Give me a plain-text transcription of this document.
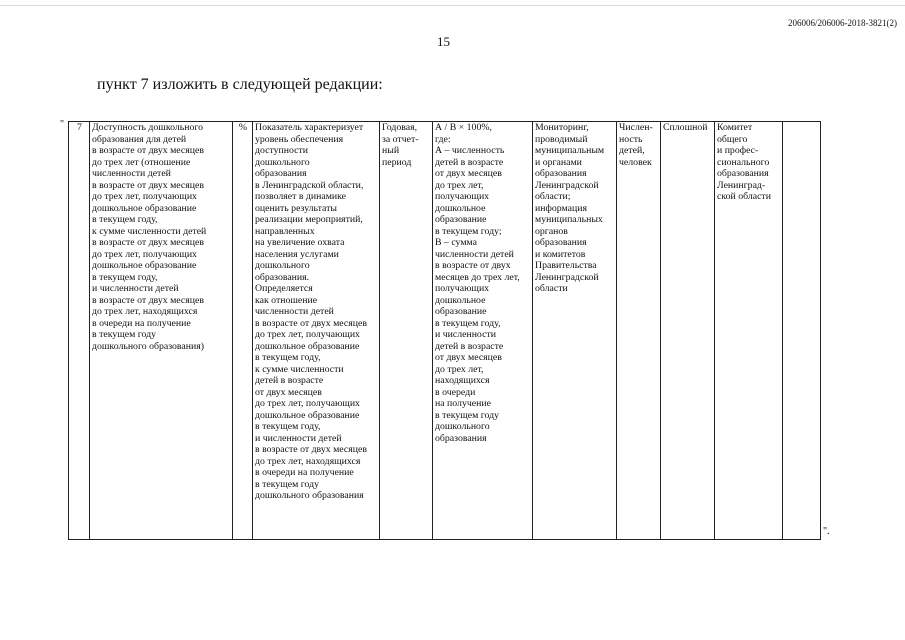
206006/206006-2018-3821(2)
15
пункт 7 изложить в следующей редакции:
" 7	Доступность дошкольного
образования для детей
в возрасте от двух месяцев
до трех лет (отношение
численности детей
в возрасте от двух месяцев
до трех лет, получающих
дошкольное образование
в текущем году,
к сумме численности детей
в возрасте от двух месяцев
до трех лет, получающих
дошкольное образование
в текущем году,
и численности детей
в возрасте от двух месяцев
до трех лет, находящихся
в очереди на получение
в текущем году
дошкольного образования)	%	Показатель характеризует
уровень обеспечения
доступности
дошкольного
образования
в Ленинградской области,
позволяет в динамике
оценить результаты
реализации мероприятий,
направленных
на увеличение охвата
населения услугами
дошкольного
образования.
Определяется
как отношение
численности детей
в возрасте от двух месяцев
до трех лет, получающих
дошкольное образование
в текущем году,
к сумме численности
детей в возрасте
от двух месяцев
до трех лет, получающих
дошкольное образование
в текущем году,
и численности детей
в возрасте от двух месяцев
до трех лет, находящихся
в очереди на получение
в текущем году
дошкольного образования	Годовая,
за отчет-
ный
период	А / В × 100%,
где:
А – численность
детей в возрасте
от двух месяцев
до трех лет,
получающих
дошкольное
образование
в текущем году;
В – сумма
численности детей
в возрасте от двух
месяцев до трех лет,
получающих
дошкольное
образование
в текущем году,
и численности
детей в возрасте
от двух месяцев
до трех лет,
находящихся
в очереди
на получение
в текущем году
дошкольного
образования	Мониторинг,
проводимый
муниципальным
и органами
образования
Ленинградской
области;
информация
муниципальных
органов
образования
и комитетов
Правительства
Ленинградской
области	Числен-
ность
детей,
человек	Сплошной	Комитет
общего
и профес-
сионального
образования
Ленинград-
ской области	
".
